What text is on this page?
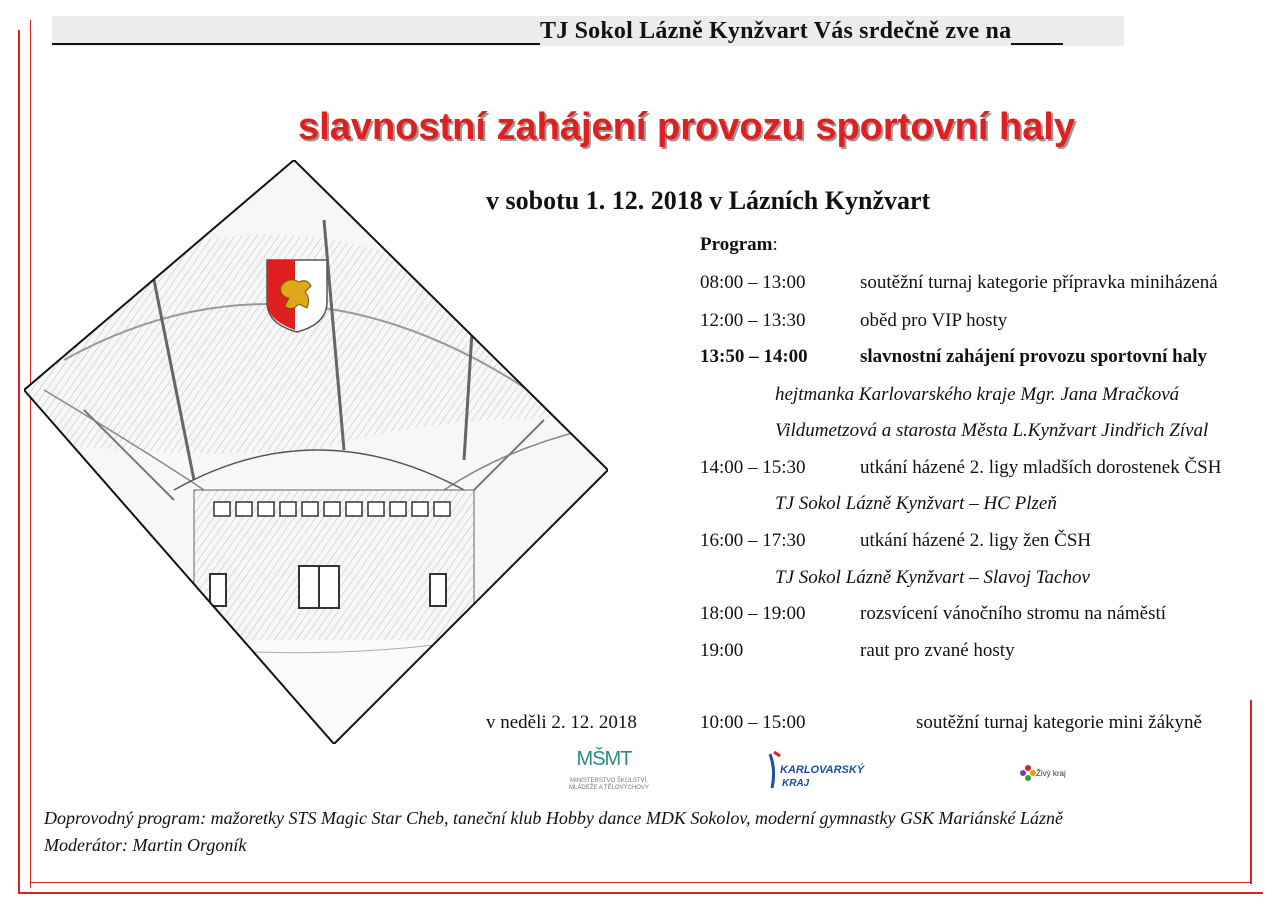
TJ Sokol Lázně Kynžvart Vás srdečně zve na
slavnostní zahájení provozu sportovní haly
v sobotu 1. 12. 2018 v Lázních Kynžvart
Program:
08:00 – 13:00	soutěžní turnaj kategorie přípravka miniházená
12:00 – 13:30	oběd pro VIP hosty
13:50 – 14:00	slavnostní zahájení provozu sportovní haly
hejtmanka Karlovarského kraje Mgr. Jana Mračková
Vildumetzová a starosta Města L.Kynžvart Jindřich Zíval
14:00 – 15:30	utkání házené 2. ligy mladších dorostenek ČSH
TJ Sokol Lázně Kynžvart – HC Plzeň
16:00 – 17:30	utkání házené 2. ligy žen ČSH
TJ Sokol Lázně Kynžvart – Slavoj Tachov
18:00 – 19:00	rozsvícení vánočního stromu na náměstí
19:00	raut pro zvané hosty
v neděli 2. 12. 2018	10:00 – 15:00	soutěžní turnaj kategorie mini žákyně
MŠMT
MINISTERSTVO ŠKOLSTVÍ,
MLÁDEŽE A TĚLOVÝCHOVY
KARLOVARSKÝ
KRAJ
Živý kraj
Doprovodný program: mažoretky STS Magic Star Cheb, taneční klub Hobby dance MDK Sokolov, moderní gymnastky GSK Mariánské Lázně
Moderátor: Martin Orgoník
